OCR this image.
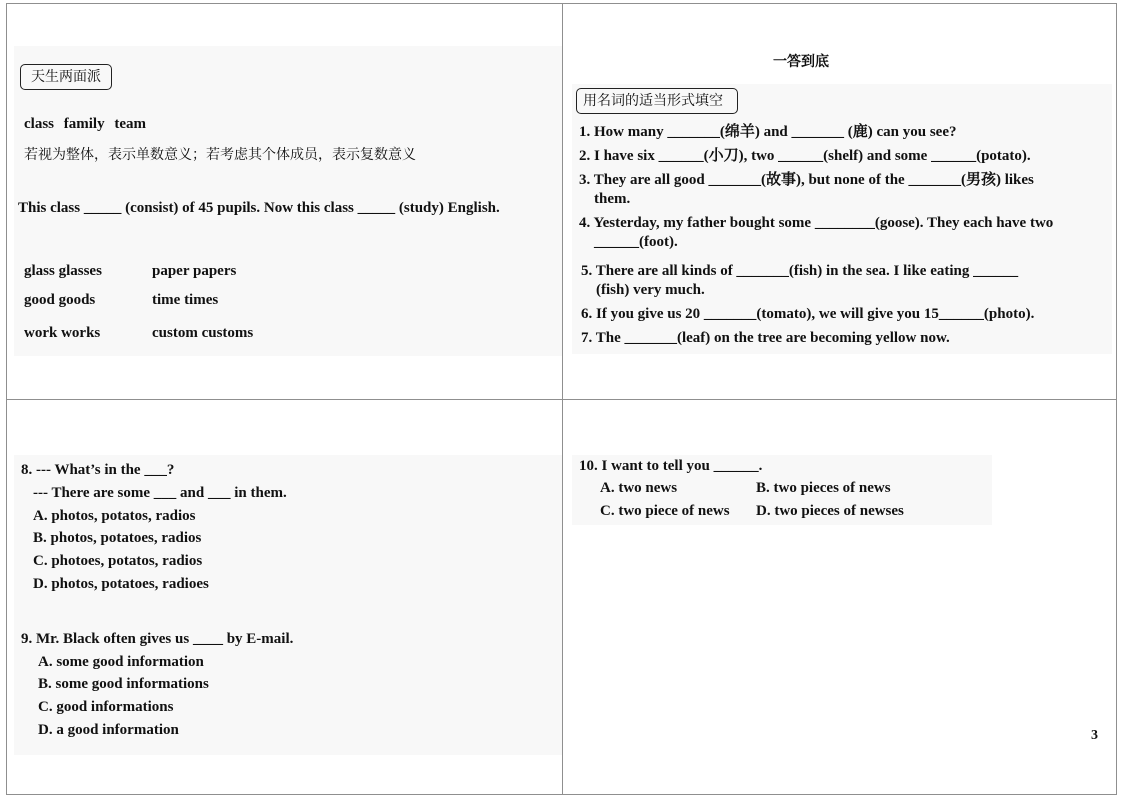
天生两面派
class family team
若视为整体，表示单数意义；若考虑其个体成员，表示复数意义
This class _____ (consist) of 45 pupils. Now this class _____ (study) English.
glass glasses	paper papers
good goods	time times
work works	custom customs
一答到底
用名词的适当形式填空
1. How many _______(绵羊) and _______ (鹿) can you see?
2. I have six ______(小刀), two ______(shelf) and some ______(potato).
3. They are all good _______(故事), but none of the _______(男孩) likes
them.
4. Yesterday, my father bought some ________(goose). They each have two
______(foot).
5. There are all kinds of _______(fish) in the sea. I like eating ______
(fish) very much.
6. If you give us 20 _______(tomato), we will give you 15______(photo).
7. The _______(leaf) on the tree are becoming yellow now.
8. --- What’s in the ___?
--- There are some ___ and ___ in them.
A. photos, potatos, radios
B. photos, potatoes, radios
C. photoes, potatos, radios
D. photos, potatoes, radioes
9. Mr. Black often gives us ____ by E-mail.
A. some good information
B. some good informations
C. good informations
D. a good information
10. I want to tell you ______.
A. two news	B. two pieces of news
C. two piece of news D. two pieces of newses
3
